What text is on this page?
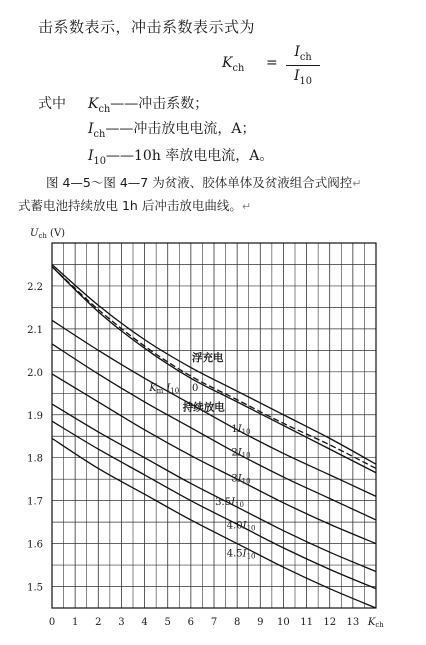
击系数表示，冲击系数表示式为
$K_{ch}$ =
$I_{ch}$
$I_{10}$
式中 $K_{ch}——$冲击系数；
$I_{ch}——$冲击放电电流，A；
$I_{10}——10h$ 率放电电流，A。
图 4—5～图 4—7 为贫液、胶体单体及贫液组合式阀控↵
式蓄电池持续放电 1h 后冲击放电曲线。↵
0 1 2 3 4 5 6 7 8 9 10 11 12 13 $K_{ch}$
1.5
1.6
1.7
1.8
1.9
2.0
2.1
2.2
$U_{ch}$ (V)
浮充电
持续放电
$K_m$ $I_{10}$ 0
$1I_{10}$
$2I_{10}$
$3I_{10}$
$3.5I_{10}$
$4.0I_{10}$
$4.5I_{10}$
